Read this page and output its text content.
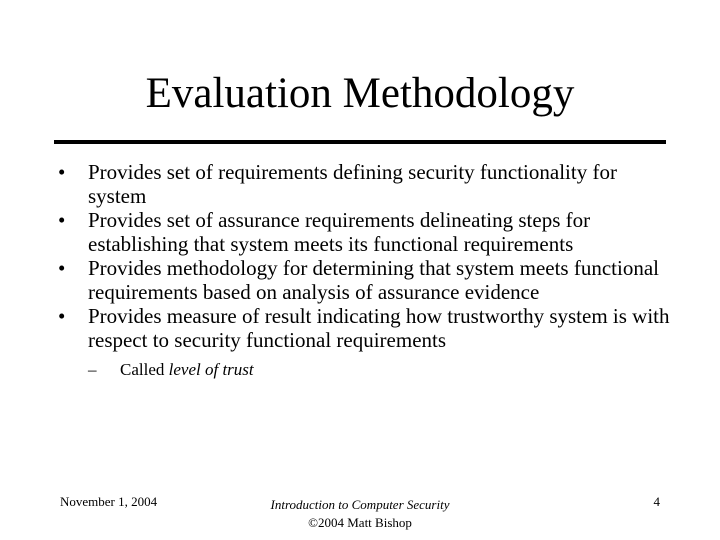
Evaluation Methodology
• Provides set of requirements defining security functionality for system
• Provides set of assurance requirements delineating steps for establishing that system meets its functional requirements
• Provides methodology for determining that system meets functional requirements based on analysis of assurance evidence
• Provides measure of result indicating how trustworthy system is with respect to security functional requirements
– Called level of trust
November 1, 2004	Introduction to Computer Security
©2004 Matt Bishop
4
